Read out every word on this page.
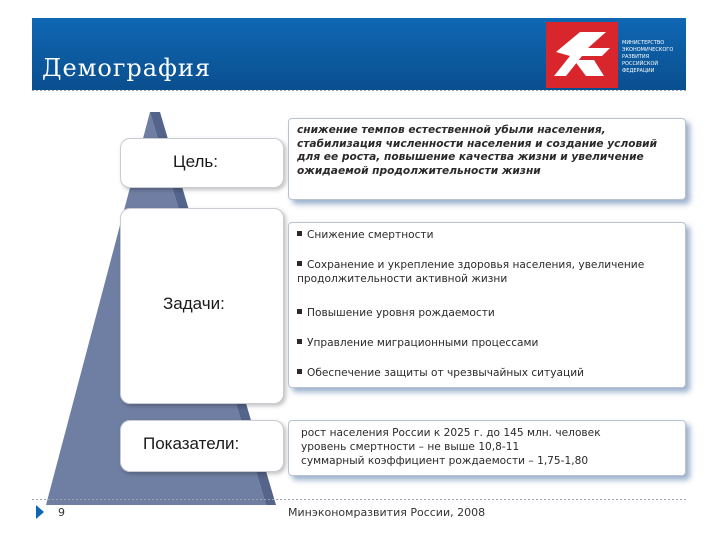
Демография
МИНИСТЕРСТВО ЭКОНОМИЧЕСКОГО РАЗВИТИЯ РОССИЙСКОЙ ФЕДЕРАЦИИ
Цель:
Задачи:
Показатели:
снижение темпов естественной убыли населения, стабилизация численности населения и создание условий для ее роста, повышение качества жизни и увеличение ожидаемой продолжительности жизни
Снижение смертности
Сохранение и укрепление здоровья населения, увеличение продолжительности активной жизни
Повышение уровня рождаемости
Управление миграционными процессами
Обеспечение защиты от чрезвычайных ситуаций
рост населения России к 2025 г. до 145 млн. человек
уровень смертности – не выше 10,8-11
суммарный коэффициент рождаемости – 1,75-1,80
9	Минэкономразвития России, 2008
